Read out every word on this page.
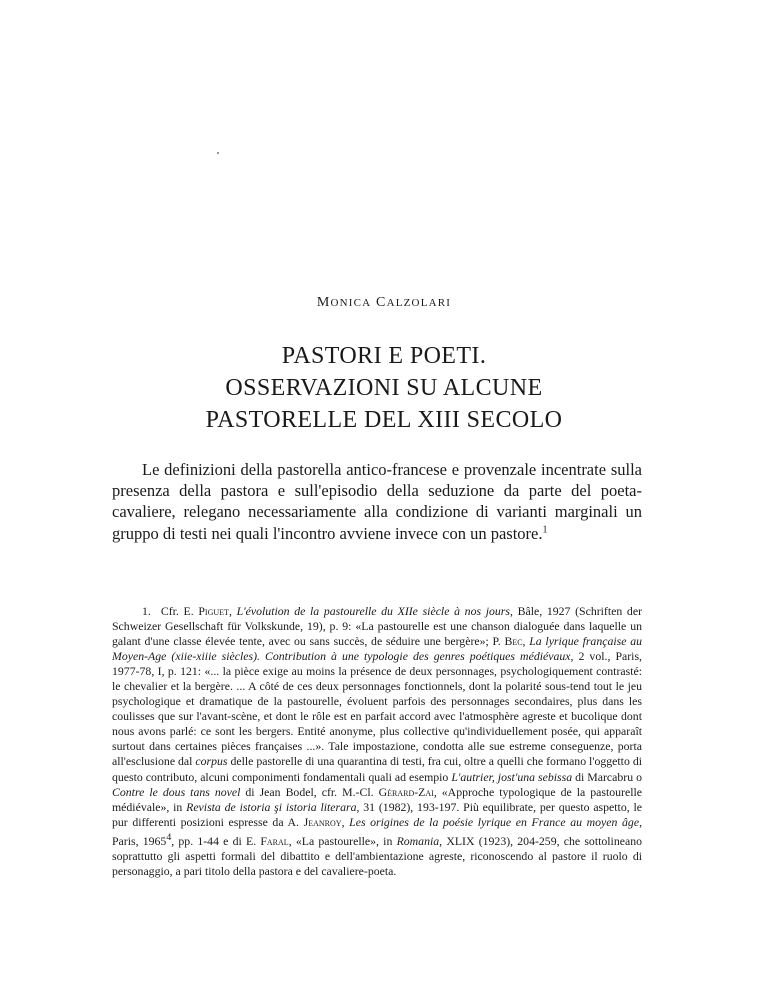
MONICA CALZOLARI
PASTORI E POETI.
OSSERVAZIONI SU ALCUNE
PASTORELLE DEL XIII SECOLO

Le definizioni della pastorella antico-francese e provenzale incentrate sulla presenza della pastora e sull'episodio della seduzione da parte del poeta-cavaliere, relegano necessariamente alla condizione di varianti marginali un gruppo di testi nei quali l'incontro avviene invece con un pastore.$^1$

1. Cfr. E. Piguet, L'évolution de la pastourelle du XIIe siècle à nos jours, Bâle, 1927 (Schriften der Schweizer Gesellschaft für Volkskunde, 19), p. 9: «La pastourelle est une chanson dialoguée dans laquelle un galant d'une classe élevée tente, avec ou sans succès, de séduire une bergère»; P. Bec, La lyrique française au Moyen-Age (xiie-xiiie siècles). Contribution à une typologie des genres poétiques médiévaux, 2 vol., Paris, 1977-78, I, p. 121: «... la pièce exige au moins la présence de deux personnages, psychologiquement contrasté: le chevalier et la bergère. ... A côté de ces deux personnages fonctionnels, dont la polarité sous-tend tout le jeu psychologique et dramatique de la pastourelle, évoluent parfois des personnages secondaires, plus dans les coulisses que sur l'avant-scène, et dont le rôle est en parfait accord avec l'atmosphère agreste et bucolique dont nous avons parlé: ce sont les bergers. Entité anonyme, plus collective qu'individuellement posée, qui apparaît surtout dans certaines pièces françaises ...». Tale impostazione, condotta alle sue estreme conseguenze, porta all'esclusione dal corpus delle pastorelle di una quarantina di testi, fra cui, oltre a quelli che formano l'oggetto di questo contributo, alcuni componimenti fondamentali quali ad esempio L'autrier, jost'una sebissa di Marcabru o Contre le dous tans novel di Jean Bodel, cfr. M.-Cl. Gérard-Zai, «Approche typologique de la pastourelle médiévale», in Revista de istoria şi istoria literara, 31 (1982), 193-197. Più equilibrate, per questo aspetto, le pur differenti posizioni espresse da A. Jeanroy, Les origines de la poésie lyrique en France au moyen âge, Paris, 1965$^4$, pp. 1-44 e di E. Faral, «La pastourelle», in Romania, XLIX (1923), 204-259, che sottolineano soprattutto gli aspetti formali del dibattito e dell'ambientazione agreste, riconoscendo al pastore il ruolo di personaggio, a pari titolo della pastora e del cavaliere-poeta.
